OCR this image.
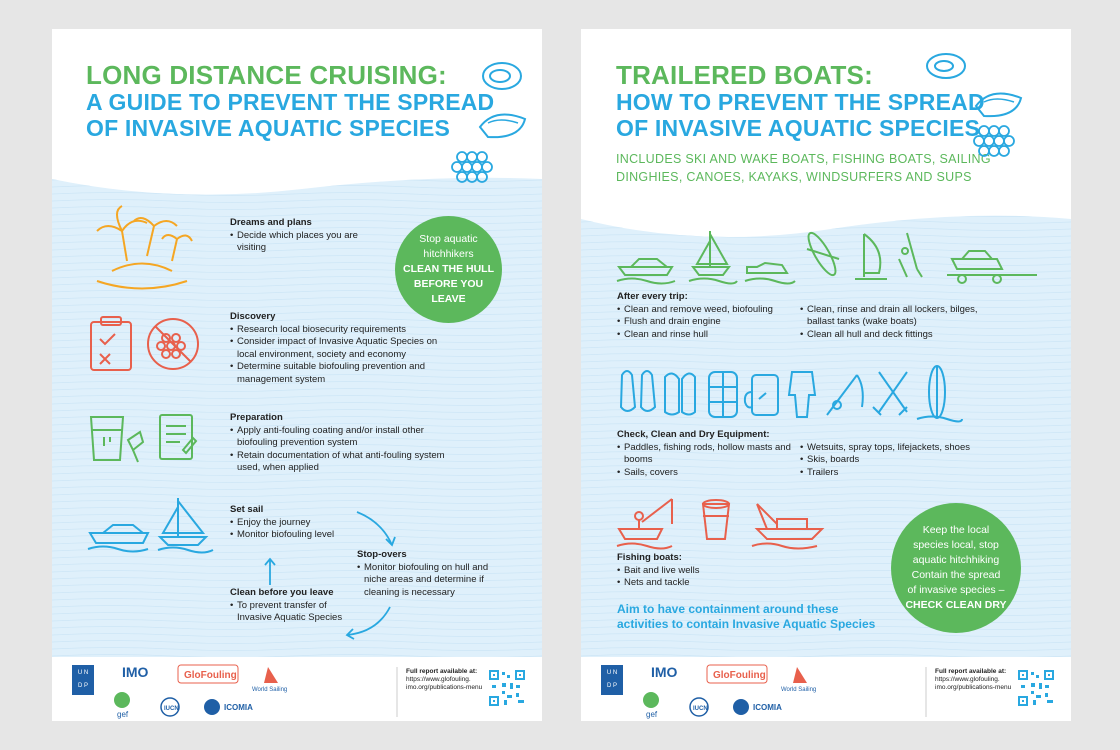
LONG DISTANCE CRUISING:
A GUIDE TO PREVENT THE SPREAD
OF INVASIVE AQUATIC SPECIES
Dreams and plans
• Decide which places you are visiting
Stop aquatic
hitchhikers
CLEAN THE HULL
BEFORE YOU
LEAVE
Discovery
• Research local biosecurity requirements
• Consider impact of Invasive Aquatic Species on local environment, society and economy
• Determine suitable biofouling prevention and management system
Preparation
• Apply anti-fouling coating and/or install other biofouling prevention system
• Retain documentation of what anti-fouling system used, when applied
Set sail
• Enjoy the journey
• Monitor biofouling level
Stop-overs
• Monitor biofouling on hull and niche areas and determine if cleaning is necessary
Clean before you leave
• To prevent transfer of Invasive Aquatic Species
U N
D P
IMO	GloFouling
World Sailing
gef
IUCN	ICOMIA
Full report available at:
https://www.glofouling.
imo.org/publications-menu
TRAILERED BOATS:
HOW TO PREVENT THE SPREAD
OF INVASIVE AQUATIC SPECIES
INCLUDES SKI AND WAKE BOATS, FISHING BOATS, SAILING
DINGHIES, CANOES, KAYAKS, WINDSURFERS AND SUPS
After every trip:
• Clean and remove weed, biofouling
• Flush and drain engine
• Clean and rinse hull
• Clean, rinse and drain all lockers, bilges, ballast tanks (wake boats)
• Clean all hull and deck fittings
Check, Clean and Dry Equipment:
• Paddles, fishing rods, hollow masts and booms
• Sails, covers
• Wetsuits, spray tops, lifejackets, shoes
• Skis, boards
• Trailers
Fishing boats:
• Bait and live wells
• Nets and tackle
Aim to have containment around these
activities to contain Invasive Aquatic Species
Keep the local
species local, stop
aquatic hitchhiking
Contain the spread
of invasive species –
CHECK CLEAN DRY
U N
D P
IMO	GloFouling
World Sailing
gef
IUCN	ICOMIA
Full report available at:
https://www.glofouling.
imo.org/publications-menu
